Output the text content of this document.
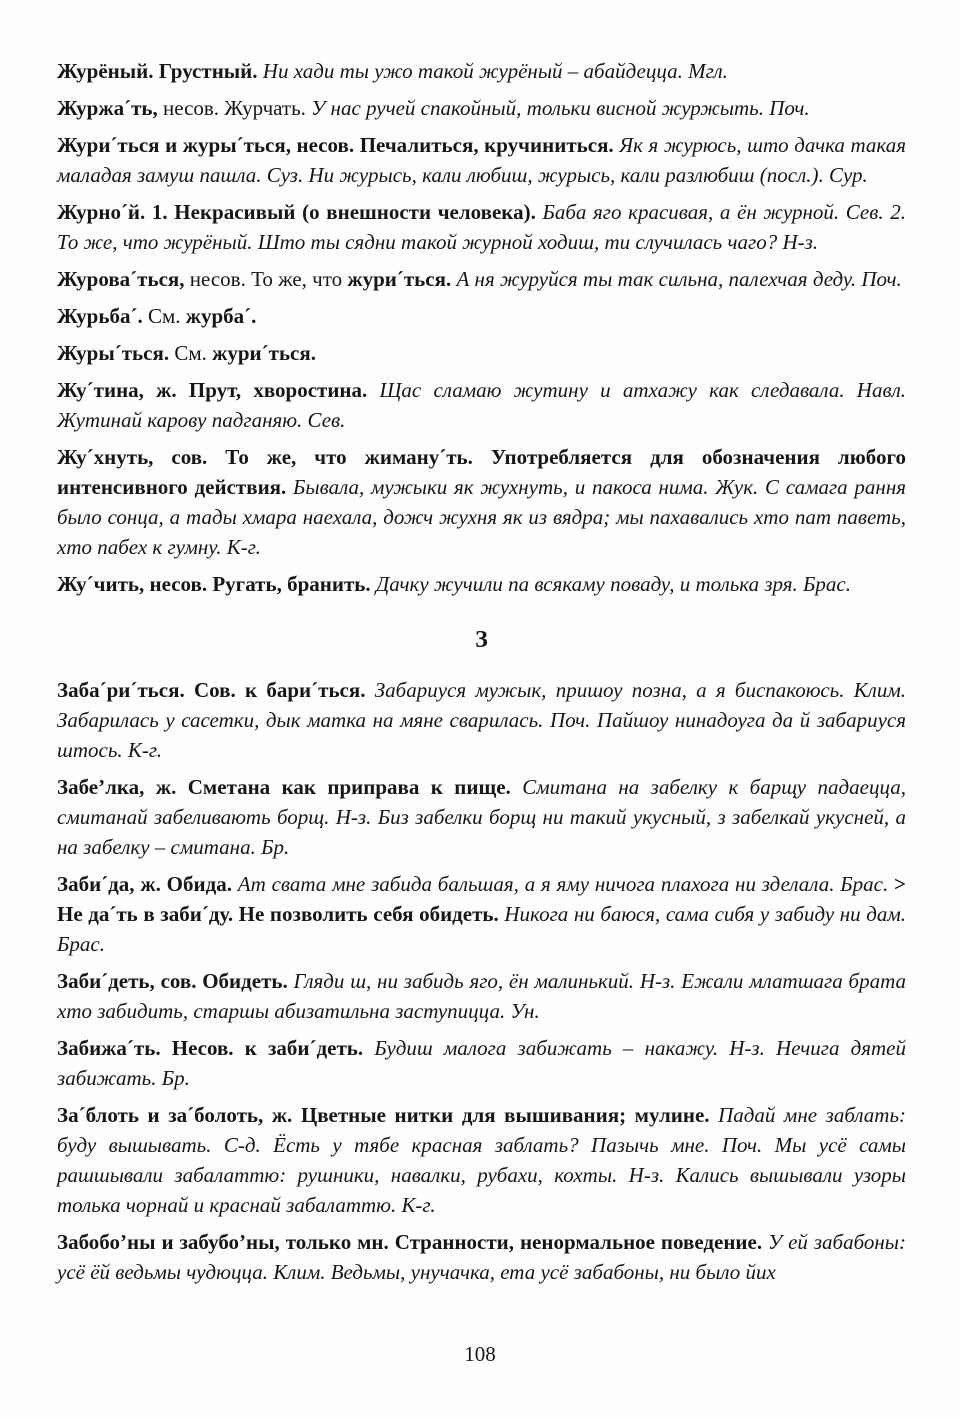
Журёный. Грустный. Ни хади ты ужо такой журёный – абайдецца. Мгл.

Журжа´ть, несов. Журчать. У нас ручей спакойный, тольки висной журжыть. Поч.

Жури´ться и журы´ться, несов. Печалиться, кручиниться. Як я журюсь, што дачка такая маладая замуш пашла. Суз. Ни журысь, кали любиш, журысь, кали разлюбиш (посл.). Сур.

Журно´й. 1. Некрасивый (о внешности человека). Баба яго красивая, а ён журной. Сев. 2. То же, что журёный. Што ты сядни такой журной ходиш, ти случилась чаго? Н-з.

Журова´ться, несов. То же, что жури´ться. А ня журуйся ты так сильна, палехчая деду. Поч.

Журьба´. См. журба´.

Журы´ться. См. жури´ться.

Жу´тина, ж. Прут, хворостина. Щас сламаю жутину и атхажу как следавала. Навл. Жутинай карову падганяю. Сев.

Жу´хнуть, сов. То же, что жиману´ть. Употребляется для обозначения любого интенсивного действия. Бывала, мужыки як жухнуть, и пакоса нима. Жук. С самага рання было сонца, а тады хмара наехала, дожч жухня як из вядра; мы пахавались хто пат паветь, хто пабех к гумну. К-г.

Жу´чить, несов. Ругать, бранить. Дачку жучили па всякаму поваду, и толька зря. Брас.

З

Заба´ри´ться. Сов. к бари´ться. Забариуся мужык, пришоу позна, а я биспакоюсь. Клим. Забарилась у сасетки, дык матка на мяне сварилась. Поч. Пайшоу нинадоуга да й забариуся штось. К-г.

Забе’лка, ж. Сметана как приправа к пище. Смитана на забелку к барщу падаецца, смитанай забеливають борщ. Н-з. Биз забелки борщ ни такий укусный, з забелкай укусней, а на забелку – смитана. Бр.

Заби´да, ж. Обида. Ат свата мне забида бальшая, а я яму ничога плахога ни зделала. Брас. > Не да´ть в заби´ду. Не позволить себя обидеть. Никога ни баюся, сама сибя у забиду ни дам. Брас.

Заби´деть, сов. Обидеть. Гляди ш, ни забидь яго, ён малинький. Н-з. Ежали млатшага брата хто забидить, старшы абизатильна заступицца. Ун.

Забижа´ть. Несов. к заби´деть. Будиш малога забижать – накажу. Н-з. Нечига дятей забижать. Бр.

За´блоть и за´болоть, ж. Цветные нитки для вышивания; мулине. Падай мне заблать: буду вышывать. С-д. Ёсть у тябе красная заблать? Пазычь мне. Поч. Мы усё самы рашшывали забалаттю: рушники, навалки, рубахи, кохты. Н-з. Кались вышывали узоры толька чорнай и краснай забалаттю. К-г.

Забобо’ны и забубо’ны, только мн. Странности, ненормальное поведение. У ей забабоны: усё ёй ведьмы чудюцца. Клим. Ведьмы, унучачка, ета усё забабоны, ни было йих

108
